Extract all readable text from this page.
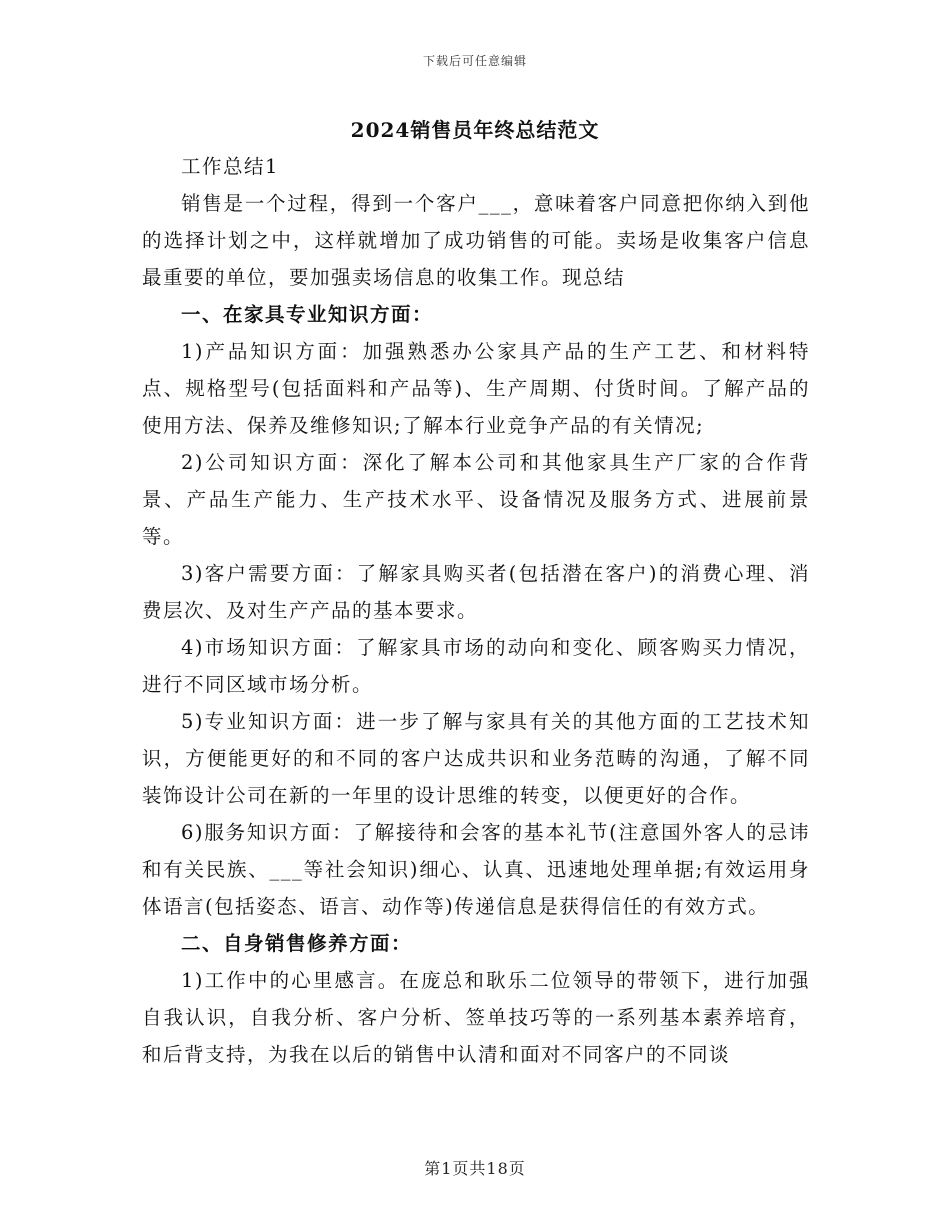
下载后可任意编辑
2024销售员年终总结范文

工作总结1

销售是一个过程，得到一个客户___，意味着客户同意把你纳入到他的选择计划之中，这样就增加了成功销售的可能。卖场是收集客户信息最重要的单位，要加强卖场信息的收集工作。现总结

一、在家具专业知识方面：

1)产品知识方面：加强熟悉办公家具产品的生产工艺、和材料特点、规格型号(包括面料和产品等)、生产周期、付货时间。了解产品的使用方法、保养及维修知识;了解本行业竞争产品的有关情况;

2)公司知识方面：深化了解本公司和其他家具生产厂家的合作背景、产品生产能力、生产技术水平、设备情况及服务方式、进展前景等。

3)客户需要方面：了解家具购买者(包括潜在客户)的消费心理、消费层次、及对生产产品的基本要求。

4)市场知识方面：了解家具市场的动向和变化、顾客购买力情况，进行不同区域市场分析。

5)专业知识方面：进一步了解与家具有关的其他方面的工艺技术知识，方便能更好的和不同的客户达成共识和业务范畴的沟通，了解不同装饰设计公司在新的一年里的设计思维的转变，以便更好的合作。

6)服务知识方面：了解接待和会客的基本礼节(注意国外客人的忌讳和有关民族、___等社会知识)细心、认真、迅速地处理单据;有效运用身体语言(包括姿态、语言、动作等)传递信息是获得信任的有效方式。

二、自身销售修养方面：

1)工作中的心里感言。在庞总和耿乐二位领导的带领下，进行加强自我认识，自我分析、客户分析、签单技巧等的一系列基本素养培育，和后背支持，为我在以后的销售中认清和面对不同客户的不同谈

第1页共18页
